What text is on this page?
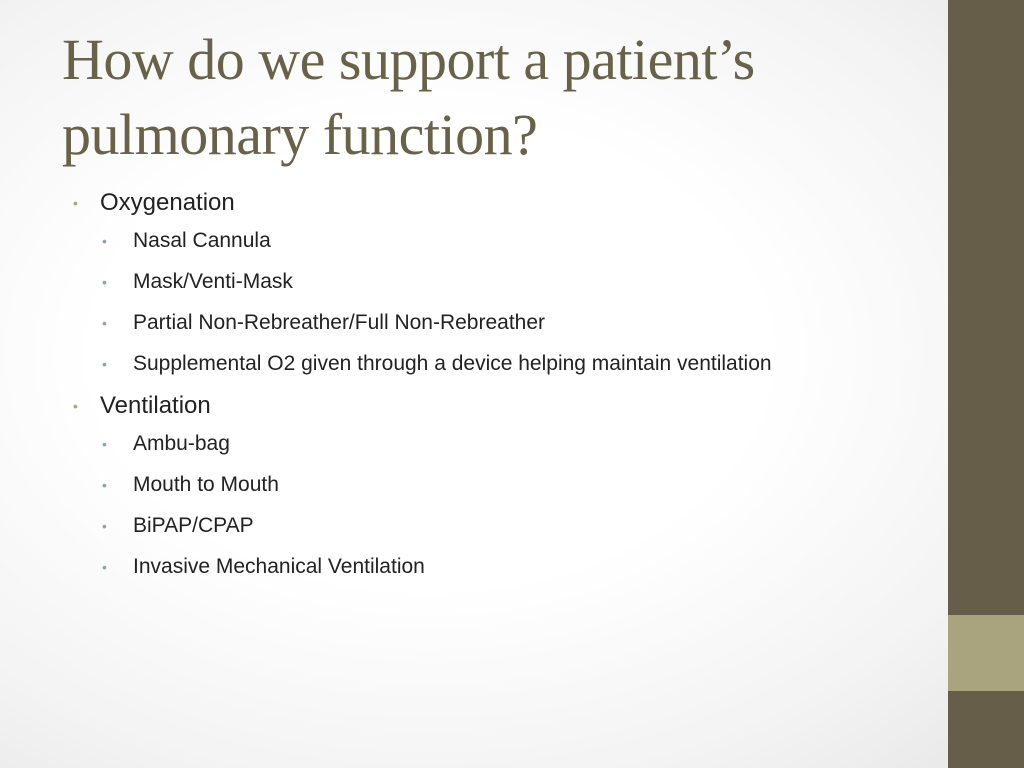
How do we support a patient’s pulmonary function?
• Oxygenation
• Nasal Cannula
• Mask/Venti-Mask
• Partial Non-Rebreather/Full Non-Rebreather
• Supplemental O2 given through a device helping maintain ventilation
• Ventilation
• Ambu-bag
• Mouth to Mouth
• BiPAP/CPAP
• Invasive Mechanical Ventilation
